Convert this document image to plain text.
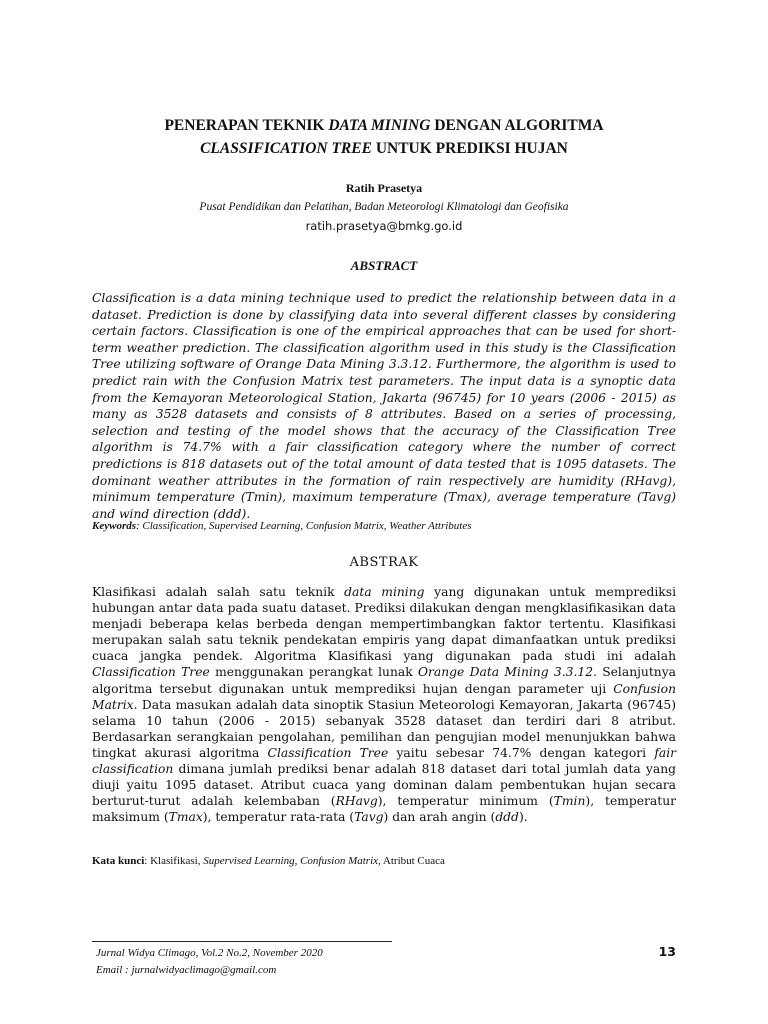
PENERAPAN TEKNIK DATA MINING DENGAN ALGORITMA
CLASSIFICATION TREE UNTUK PREDIKSI HUJAN
Ratih Prasetya
Pusat Pendidikan dan Pelatihan, Badan Meteorologi Klimatologi dan Geofisika
ratih.prasetya@bmkg.go.id
ABSTRACT

Classification is a data mining technique used to predict the relationship between data in a dataset. Prediction is done by classifying data into several different classes by considering certain factors. Classification is one of the empirical approaches that can be used for short-term weather prediction. The classification algorithm used in this study is the Classification Tree utilizing software of Orange Data Mining 3.3.12. Furthermore, the algorithm is used to predict rain with the Confusion Matrix test parameters. The input data is a synoptic data from the Kemayoran Meteorological Station, Jakarta (96745) for 10 years (2006 - 2015) as many as 3528 datasets and consists of 8 attributes. Based on a series of processing, selection and testing of the model shows that the accuracy of the Classification Tree algorithm is 74.7% with a fair classification category where the number of correct predictions is 818 datasets out of the total amount of data tested that is 1095 datasets. The dominant weather attributes in the formation of rain respectively are humidity (RHavg), minimum temperature (Tmin), maximum temperature (Tmax), average temperature (Tavg) and wind direction (ddd).

Keywords: Classification, Supervised Learning, Confusion Matrix, Weather Attributes
ABSTRAK

Klasifikasi adalah salah satu teknik data mining yang digunakan untuk memprediksi hubungan antar data pada suatu dataset. Prediksi dilakukan dengan mengklasifikasikan data menjadi beberapa kelas berbeda dengan mempertimbangkan faktor tertentu. Klasifikasi merupakan salah satu teknik pendekatan empiris yang dapat dimanfaatkan untuk prediksi cuaca jangka pendek. Algoritma Klasifikasi yang digunakan pada studi ini adalah Classification Tree menggunakan perangkat lunak Orange Data Mining 3.3.12. Selanjutnya algoritma tersebut digunakan untuk memprediksi hujan dengan parameter uji Confusion Matrix. Data masukan adalah data sinoptik Stasiun Meteorologi Kemayoran, Jakarta (96745) selama 10 tahun (2006 - 2015) sebanyak 3528 dataset dan terdiri dari 8 atribut. Berdasarkan serangkaian pengolahan, pemilihan dan pengujian model menunjukkan bahwa tingkat akurasi algoritma Classification Tree yaitu sebesar 74.7% dengan kategori fair classification dimana jumlah prediksi benar adalah 818 dataset dari total jumlah data yang diuji yaitu 1095 dataset. Atribut cuaca yang dominan dalam pembentukan hujan secara berturut-turut adalah kelembaban (RHavg), temperatur minimum (Tmin), temperatur maksimum (Tmax), temperatur rata-rata (Tavg) dan arah angin (ddd).

Kata kunci: Klasifikasi, Supervised Learning, Confusion Matrix, Atribut Cuaca
Jurnal Widya Climago, Vol.2 No.2, November 2020
Email : jurnalwidyaclimago@gmail.com
13
